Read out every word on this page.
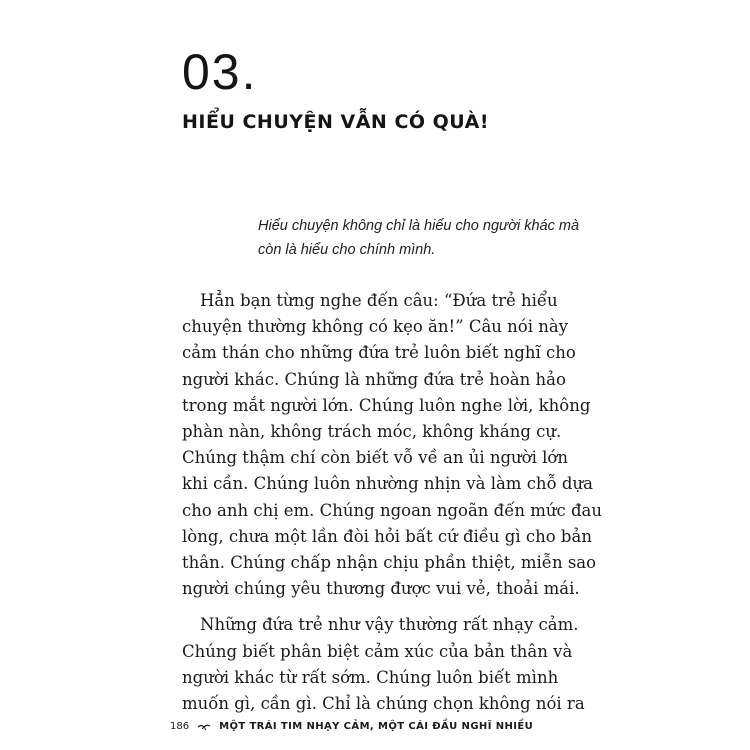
03.
HIỂU CHUYỆN VẪN CÓ QUÀ!

Hiểu chuyện không chỉ là hiểu cho người khác mà

còn là hiểu cho chính mình.

Hẳn bạn từng nghe đến câu: “Đứa trẻ hiểu
chuyện thường không có kẹo ăn!” Câu nói này
cảm thán cho những đứa trẻ luôn biết nghĩ cho
người khác. Chúng là những đứa trẻ hoàn hảo
trong mắt người lớn. Chúng luôn nghe lời, không
phàn nàn, không trách móc, không kháng cự.
Chúng thậm chí còn biết vỗ về an ủi người lớn
khi cần. Chúng luôn nhường nhịn và làm chỗ dựa
cho anh chị em. Chúng ngoan ngoãn đến mức đau
lòng, chưa một lần đòi hỏi bất cứ điều gì cho bản
thân. Chúng chấp nhận chịu phần thiệt, miễn sao
người chúng yêu thương được vui vẻ, thoải mái.
Những đứa trẻ như vậy thường rất nhạy cảm.
Chúng biết phân biệt cảm xúc của bản thân và
người khác từ rất sớm. Chúng luôn biết mình
muốn gì, cần gì. Chỉ là chúng chọn không nói ra
186	MỘT TRÁI TIM NHẠY CẢM, MỘT CÁI ĐẦU NGHĨ NHIỀU
